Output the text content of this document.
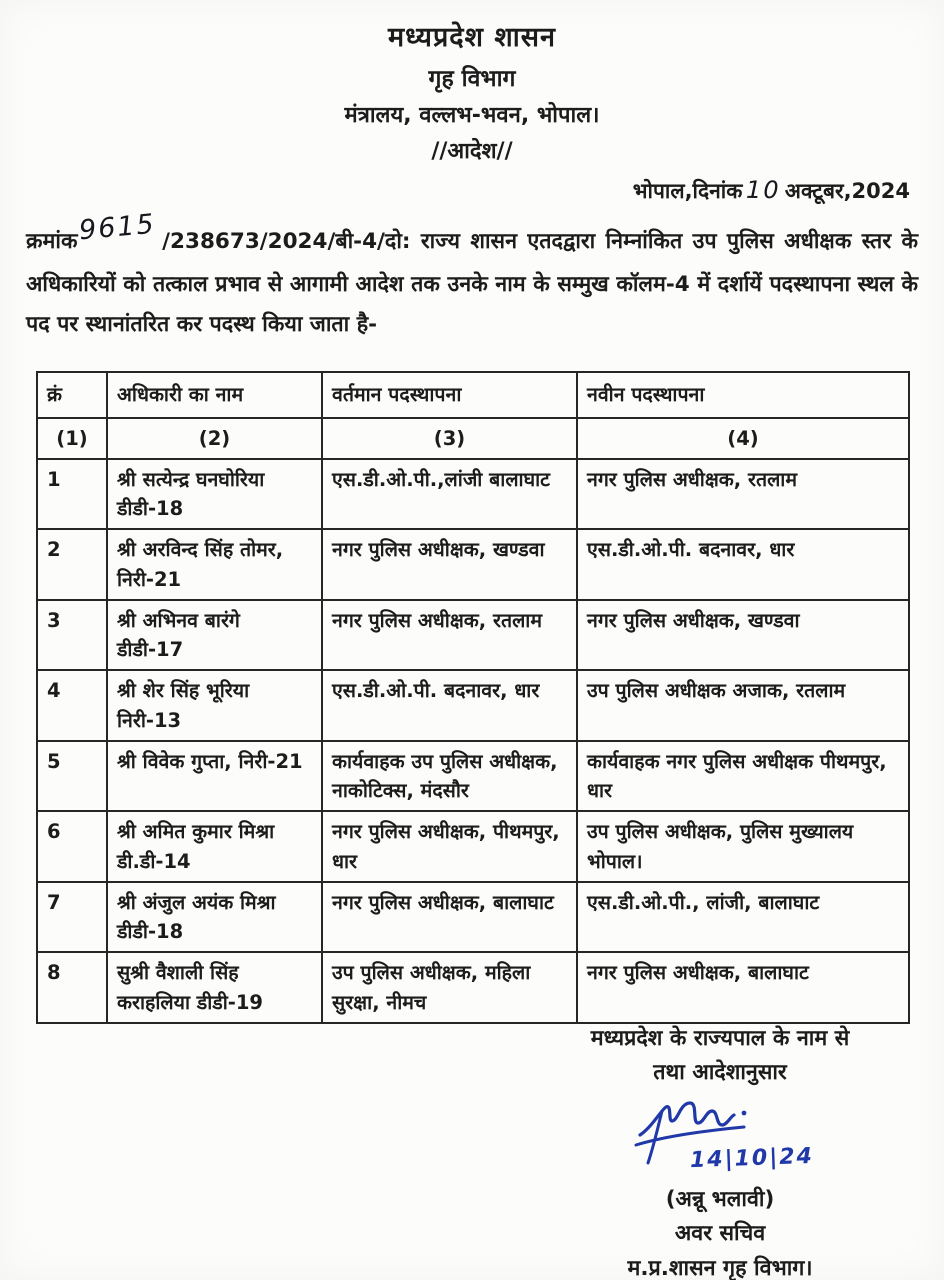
मध्यप्रदेश शासन
गृह विभाग
मंत्रालय, वल्लभ-भवन, भोपाल।
//आदेश//
भोपाल,दिनांक 10 अक्टूबर,2024
क्रमांक9615 /238673/2024/बी-4/दो: राज्य शासन एतदद्वारा निम्नांकित उप पुलिस अधीक्षक स्तर के अधिकारियों को तत्काल प्रभाव से आगामी आदेश तक उनके नाम के सम्मुख कॉलम-4 में दर्शायें पदस्थापना स्थल के पद पर स्थानांतरित कर पदस्थ किया जाता है-
क्रं	अधिकारी का नाम	वर्तमान पदस्थापना	नवीन पदस्थापना
(1)	(2)	(3)	(4)
1	श्री सत्येन्द्र घनघोरिया डीडी-18	एस.डी.ओ.पी.,लांजी बालाघाट	नगर पुलिस अधीक्षक, रतलाम
2	श्री अरविन्द सिंह तोमर, निरी-21	नगर पुलिस अधीक्षक, खण्डवा	एस.डी.ओ.पी. बदनावर, धार
3	श्री अभिनव बारंगे डीडी-17	नगर पुलिस अधीक्षक, रतलाम	नगर पुलिस अधीक्षक, खण्डवा
4	श्री शेर सिंह भूरिया निरी-13	एस.डी.ओ.पी. बदनावर, धार	उप पुलिस अधीक्षक अजाक, रतलाम
5	श्री विवेक गुप्ता, निरी-21	कार्यवाहक उप पुलिस अधीक्षक, नाकोटिक्स, मंदसौर	कार्यवाहक नगर पुलिस अधीक्षक पीथमपुर, धार
6	श्री अमित कुमार मिश्रा डी.डी-14	नगर पुलिस अधीक्षक, पीथमपुर, धार	उप पुलिस अधीक्षक, पुलिस मुख्यालय भोपाल।
7	श्री अंजुल अयंक मिश्रा डीडी-18	नगर पुलिस अधीक्षक, बालाघाट	एस.डी.ओ.पी., लांजी, बालाघाट
8	सुश्री वैशाली सिंह कराहलिया डीडी-19	उप पुलिस अधीक्षक, महिला सुरक्षा, नीमच	नगर पुलिस अधीक्षक, बालाघाट
मध्यप्रदेश के राज्यपाल के नाम से
तथा आदेशानुसार
14|10|24
(अन्नू भलावी)
अवर सचिव
म.प्र.शासन गृह विभाग।
